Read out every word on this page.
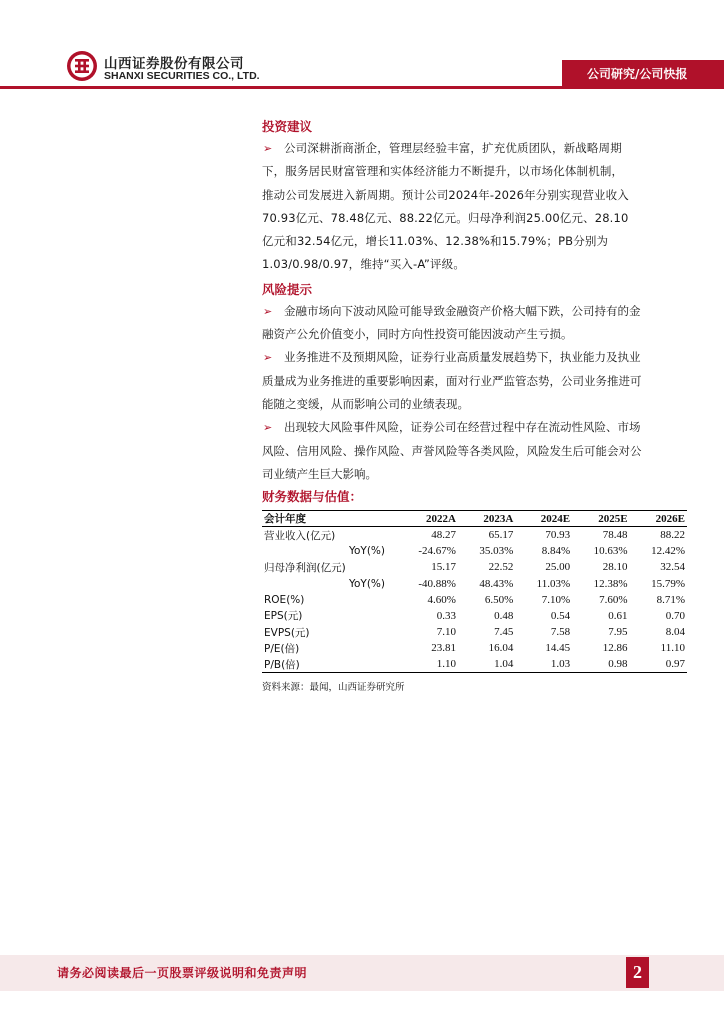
山西证券股份有限公司
SHANXI SECURITIES CO., LTD.	公司研究/公司快报
投资建议
➢ 公司深耕浙商浙企，管理层经验丰富，扩充优质团队，新战略周期
下，服务居民财富管理和实体经济能力不断提升，以市场化体制机制，
推动公司发展进入新周期。预计公司2024年-2026年分别实现营业收入
70.93亿元、78.48亿元、88.22亿元。归母净利润25.00亿元、28.10
亿元和32.54亿元，增长11.03%、12.38%和15.79%；PB分别为
1.03/0.98/0.97，维持“买入-A”评级。
风险提示
➢ 金融市场向下波动风险可能导致金融资产价格大幅下跌，公司持有的金
融资产公允价值变小，同时方向性投资可能因波动产生亏损。
➢ 业务推进不及预期风险，证券行业高质量发展趋势下，执业能力及执业
质量成为业务推进的重要影响因素，面对行业严监管态势，公司业务推进可
能随之变缓，从而影响公司的业绩表现。
➢ 出现较大风险事件风险，证券公司在经营过程中存在流动性风险、市场
风险、信用风险、操作风险、声誉风险等各类风险，风险发生后可能会对公
司业绩产生巨大影响。
财务数据与估值：
会计年度	2022A	2023A	2024E	2025E	2026E
营业收入(亿元)	48.27	65.17	70.93	78.48	88.22
YoY(%)	-24.67%	35.03%	8.84%	10.63%	12.42%
归母净利润(亿元)	15.17	22.52	25.00	28.10	32.54
YoY(%)	-40.88%	48.43%	11.03%	12.38%	15.79%
ROE(%)	4.60%	6.50%	7.10%	7.60%	8.71%
EPS(元)	0.33	0.48	0.54	0.61	0.70
EVPS(元)	7.10	7.45	7.58	7.95	8.04
P/E(倍)	23.81	16.04	14.45	12.86	11.10
P/B(倍)	1.10	1.04	1.03	0.98	0.97
资料来源：最闻，山西证券研究所
请务必阅读最后一页股票评级说明和免责声明	2
